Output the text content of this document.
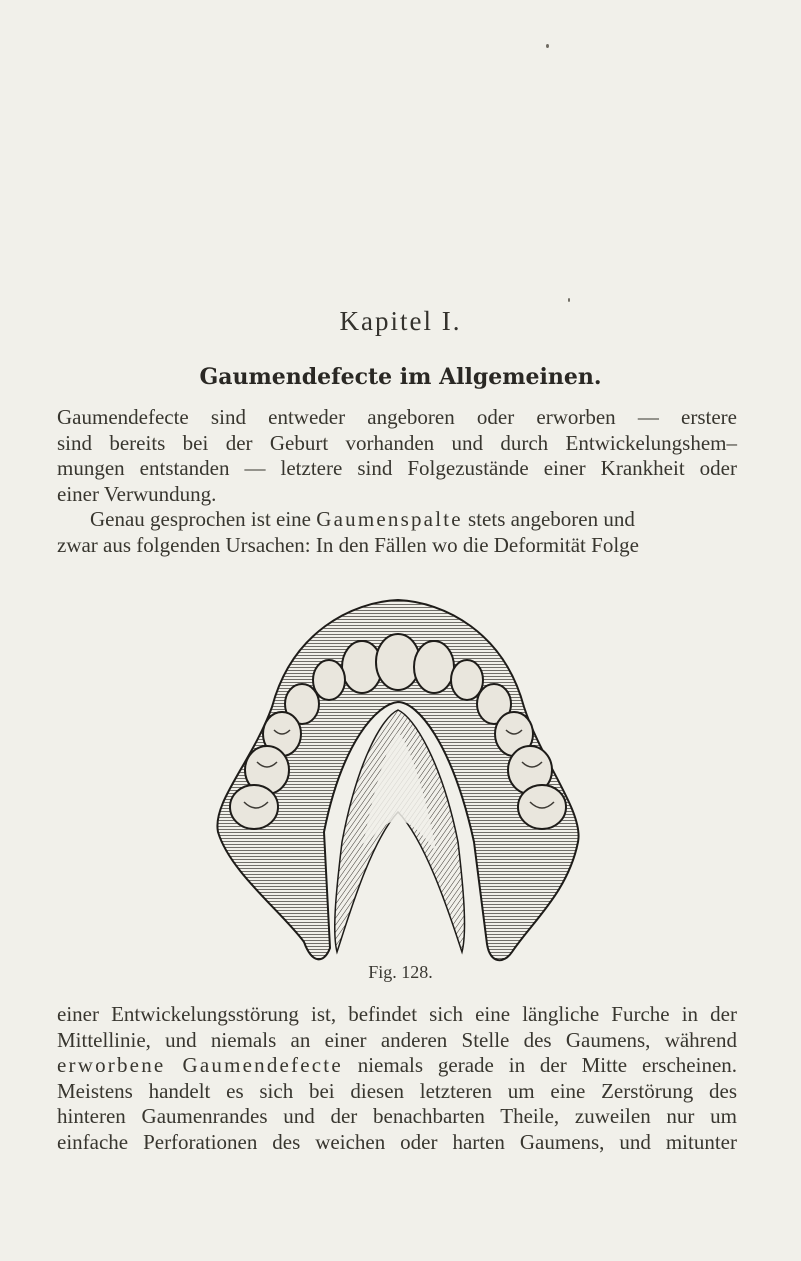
Kapitel I.
Gaumendefecte im Allgemeinen.
Gaumendefecte sind entweder angeboren oder erworben — erstere
sind bereits bei der Geburt vorhanden und durch Entwickelungshem–
mungen entstanden — letztere sind Folgezustände einer Krankheit oder
einer Verwundung.
Genau gesprochen ist eine Gaumenspalte stets angeboren und
zwar aus folgenden Ursachen: In den Fällen wo die Deformität Folge
Fig. 128.
einer Entwickelungsstörung ist, befindet sich eine längliche Furche in der
Mittellinie, und niemals an einer anderen Stelle des Gaumens, während
erworbene Gaumendefecte niemals gerade in der Mitte erscheinen.
Meistens handelt es sich bei diesen letzteren um eine Zerstörung des
hinteren Gaumenrandes und der benachbarten Theile, zuweilen nur um
einfache Perforationen des weichen oder harten Gaumens, und mitunter
